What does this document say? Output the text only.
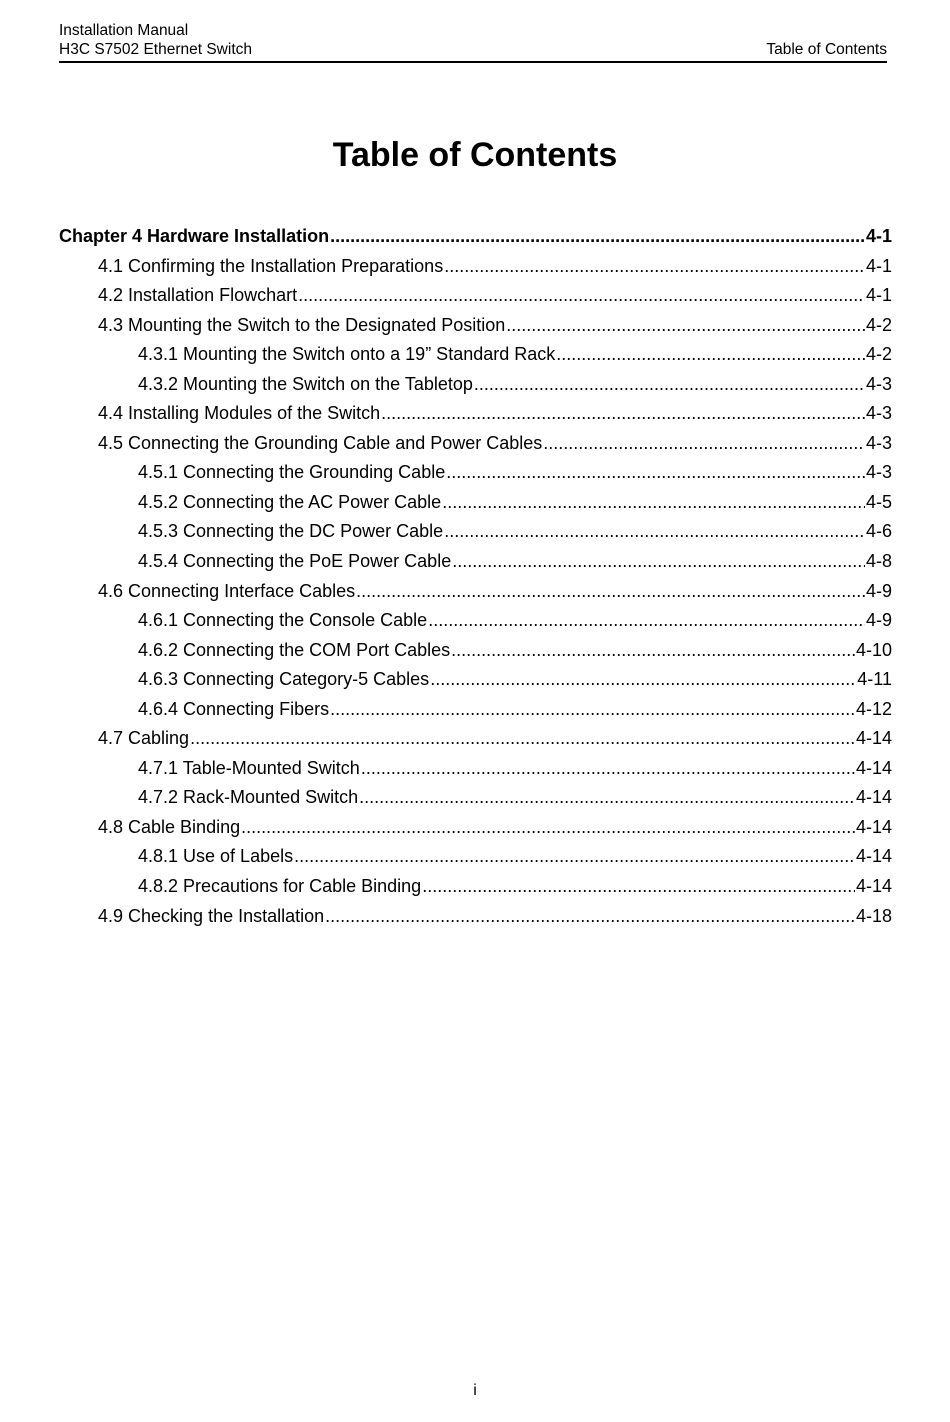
Installation Manual
H3C S7502 Ethernet Switch	Table of Contents
Table of Contents
Chapter 4 Hardware Installation .....	4-1
4.1 Confirming the Installation Preparations .....	4-1
4.2 Installation Flowchart .....	4-1
4.3 Mounting the Switch to the Designated Position .....	4-2
4.3.1 Mounting the Switch onto a 19” Standard Rack .....	4-2
4.3.2 Mounting the Switch on the Tabletop .....	4-3
4.4 Installing Modules of the Switch .....	4-3
4.5 Connecting the Grounding Cable and Power Cables .....	4-3
4.5.1 Connecting the Grounding Cable .....	4-3
4.5.2 Connecting the AC Power Cable .....	4-5
4.5.3 Connecting the DC Power Cable .....	4-6
4.5.4 Connecting the PoE Power Cable .....	4-8
4.6 Connecting Interface Cables .....	4-9
4.6.1 Connecting the Console Cable .....	4-9
4.6.2 Connecting the COM Port Cables .....	4-10
4.6.3 Connecting Category-5 Cables .....	4-11
4.6.4 Connecting Fibers .....	4-12
4.7 Cabling .....	4-14
4.7.1 Table-Mounted Switch .....	4-14
4.7.2 Rack-Mounted Switch .....	4-14
4.8 Cable Binding .....	4-14
4.8.1 Use of Labels .....	4-14
4.8.2 Precautions for Cable Binding .....	4-14
4.9 Checking the Installation .....	4-18
i
